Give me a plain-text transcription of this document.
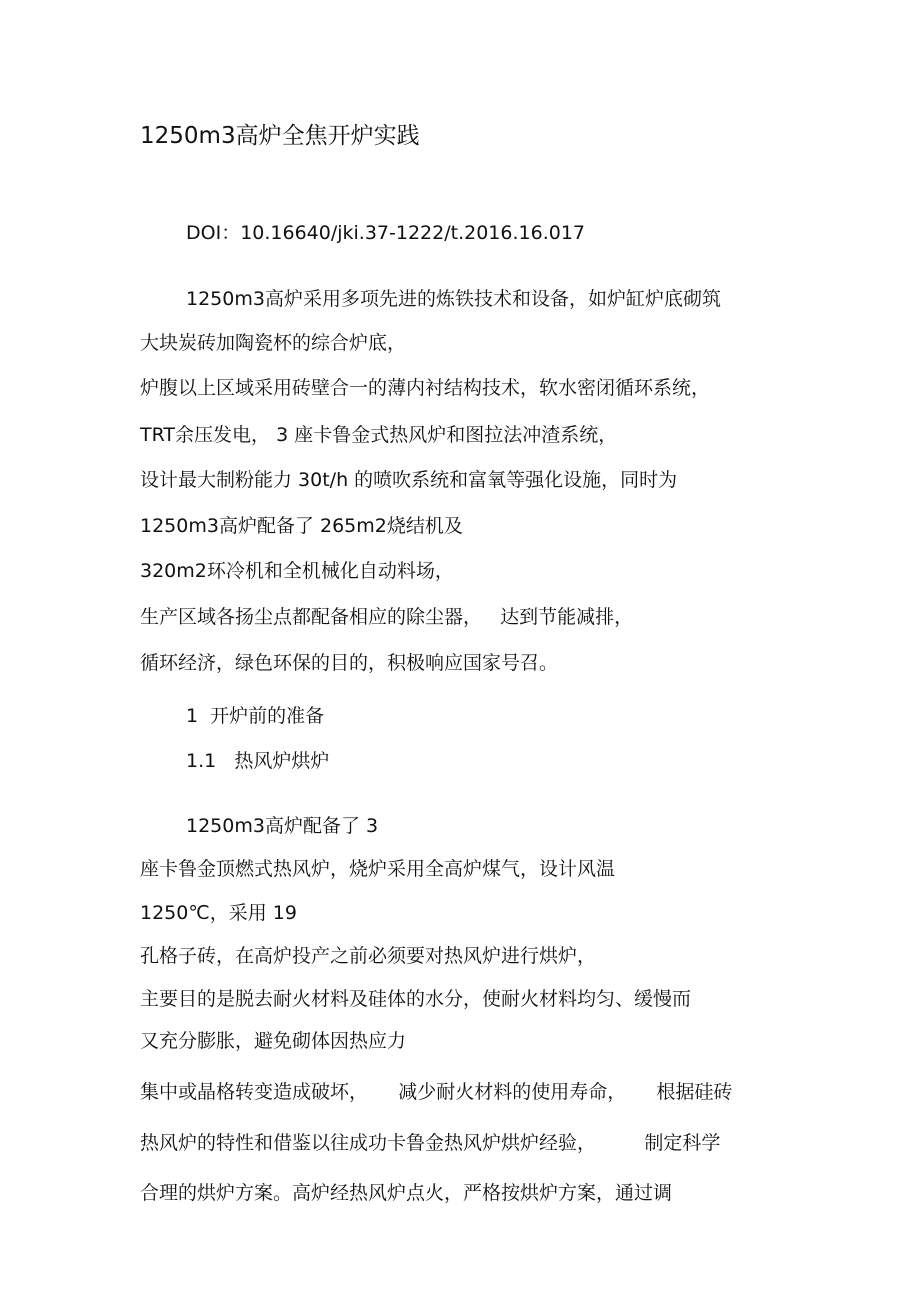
1250m3高炉全焦开炉实践
DOI：10.16640/jki.37-1222/t.2016.16.017
1250m3高炉采用多项先进的炼铁技术和设备，如炉缸炉底砌筑
大块炭砖加陶瓷杯的综合炉底，
炉腹以上区域采用砖壁合一的薄内衬结构技术，软水密闭循环系统，
TRT余压发电， 3 座卡鲁金式热风炉和图拉法冲渣系统，
设计最大制粉能力 30t/h 的喷吹系统和富氧等强化设施，同时为
1250m3高炉配备了 265m2烧结机及
320m2环冷机和全机械化自动料场，
生产区域各扬尘点都配备相应的除尘器，   达到节能减排，
循环经济，绿色环保的目的，积极响应国家号召。
1  开炉前的准备
1.1   热风炉烘炉
1250m3高炉配备了 3
座卡鲁金顶燃式热风炉，烧炉采用全高炉煤气，设计风温
1250℃，采用 19
孔格子砖，在高炉投产之前必须要对热风炉进行烘炉，
主要目的是脱去耐火材料及硅体的水分，使耐火材料均匀、缓慢而
又充分膨胀，避免砌体因热应力
集中或晶格转变造成破坏，     减少耐火材料的使用寿命，     根据硅砖
热风炉的特性和借鉴以往成功卡鲁金热风炉烘炉经验，        制定科学
合理的烘炉方案。高炉经热风炉点火，严格按烘炉方案，通过调
